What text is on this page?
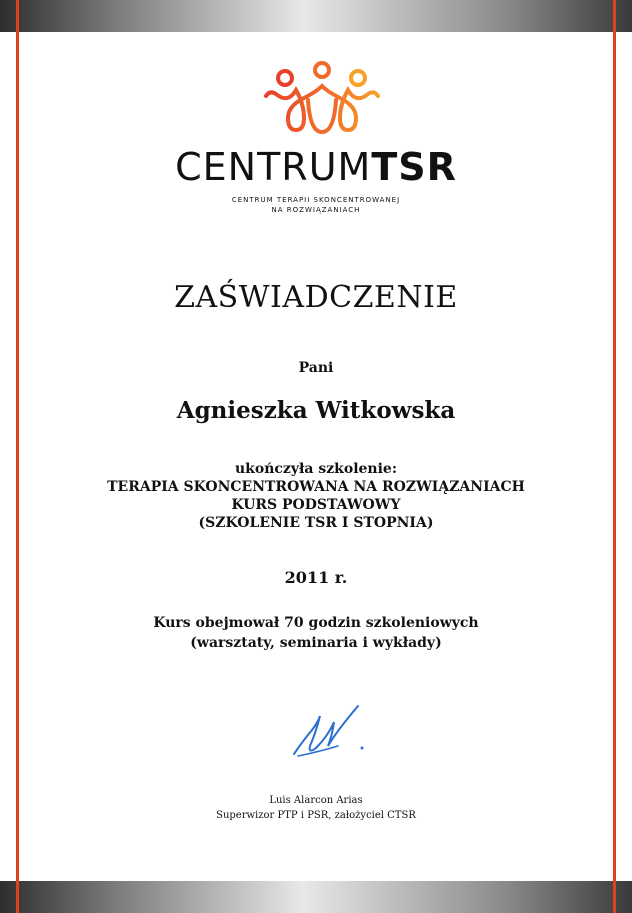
CENTRUMTSR
CENTRUM TERAPII SKONCENTROWANEJ
NA ROZWIĄZANIACH
ZAŚWIADCZENIE
Pani
Agnieszka Witkowska
ukończyła szkolenie:
TERAPIA SKONCENTROWANA NA ROZWIĄZANIACH
KURS PODSTAWOWY
(SZKOLENIE TSR I STOPNIA)
2011 r.
Kurs obejmował 70 godzin szkoleniowych
(warsztaty, seminaria i wykłady)
Luis Alarcon Arias
Superwizor PTP i PSR, założyciel CTSR
